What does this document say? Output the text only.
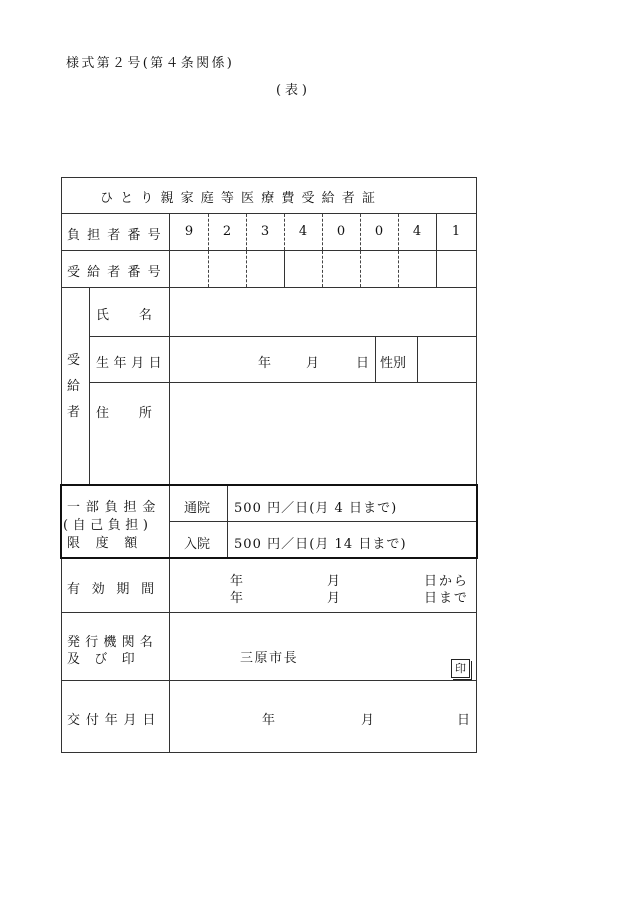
様式第２号(第４条関係)
(表)
ひとり親家庭等医療費受給者証
負担者番号	9	2	3	4	0	0	4	1
受給者番号
受給者
氏　　名
生年月日	年	月	日 性別
住　　所
一部負担金
(自己負担)
限　度　額
通院 500 円／日(月 4 日まで)
入院 500 円／日(月 14 日まで)
有効期間
年	月	日から
年	月	日まで
発行機関名
及　び　印	三原市長
印
交付年月日	年	月	日
